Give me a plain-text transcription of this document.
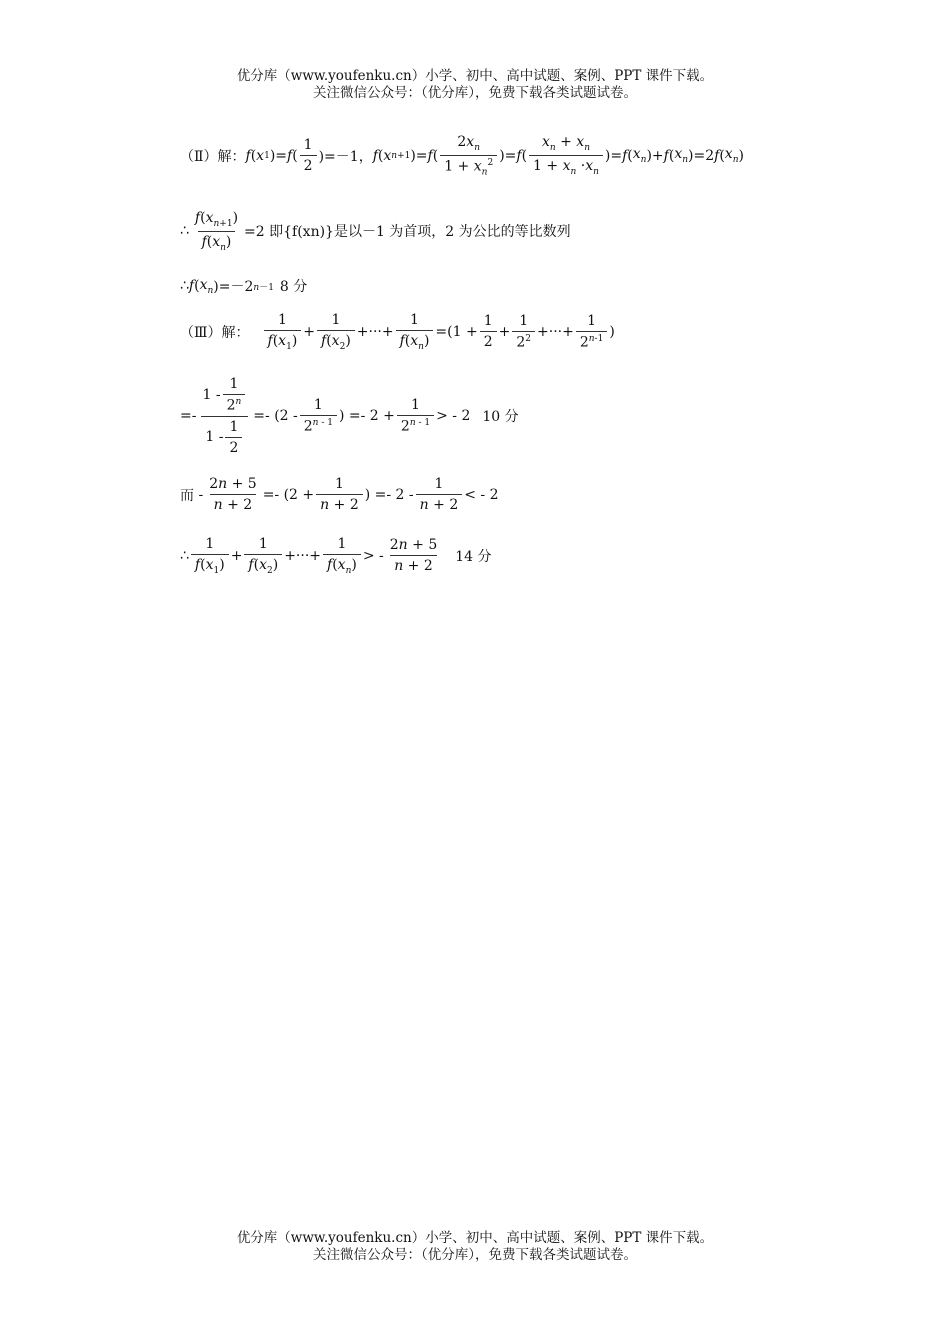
优分库（www.youfenku.cn）小学、初中、高中试题、案例、PPT 课件下载。
关注微信公众号：（优分库），免费下载各类试题试卷。
（Ⅱ）解： f ( x 1 )= f ( $\frac{1}{2} )=-1$， f ( x n+1 )= f ( $\frac{2x_n}{1 + x_n^2}$ )= f ( $\frac{x_n + x_n}{1 + x_n \cdot x_n}$ )= f ( $x_n$ )+ f ( $x_n$ )=2 f ( $x_n$ )
∴ $\frac{f(x_{n+1})}{f(x_n)} =2$ 即{f(xn)}是以－1 为首项，2 为公比的等比数列
∴ f ( $x_n$ )=－2 n－1 8 分
（Ⅲ）解： $\frac{1}{f(x_1)} + \frac{1}{f(x_2)}$ +···+ $\frac{1}{f(x_n)} =(1 + \frac{1}{2} + \frac{1}{2^2}$ +···+ $\frac{1}{2^{n-1}}$ )
=- $\frac{1 - \frac{1}{2^n}}{1 - \frac{1}{2}} =- (2 - \frac{1}{2^{n - 1}}$ ) =- $2 + \frac{1}{2^{n - 1}}$ > - 2 10 分
而 - $\frac{2n + 5}{n + 2} =- (2 + \frac{1}{n + 2}$ ) =- $2 - \frac{1}{n + 2}$ < - 2
∴ $\frac{1}{f(x_1)} + \frac{1}{f(x_2)}$ +···+ $\frac{1}{f(x_n)}$ > - $\frac{2n + 5}{n + 2} 14$ 分
优分库（www.youfenku.cn）小学、初中、高中试题、案例、PPT 课件下载。
关注微信公众号：（优分库），免费下载各类试题试卷。
